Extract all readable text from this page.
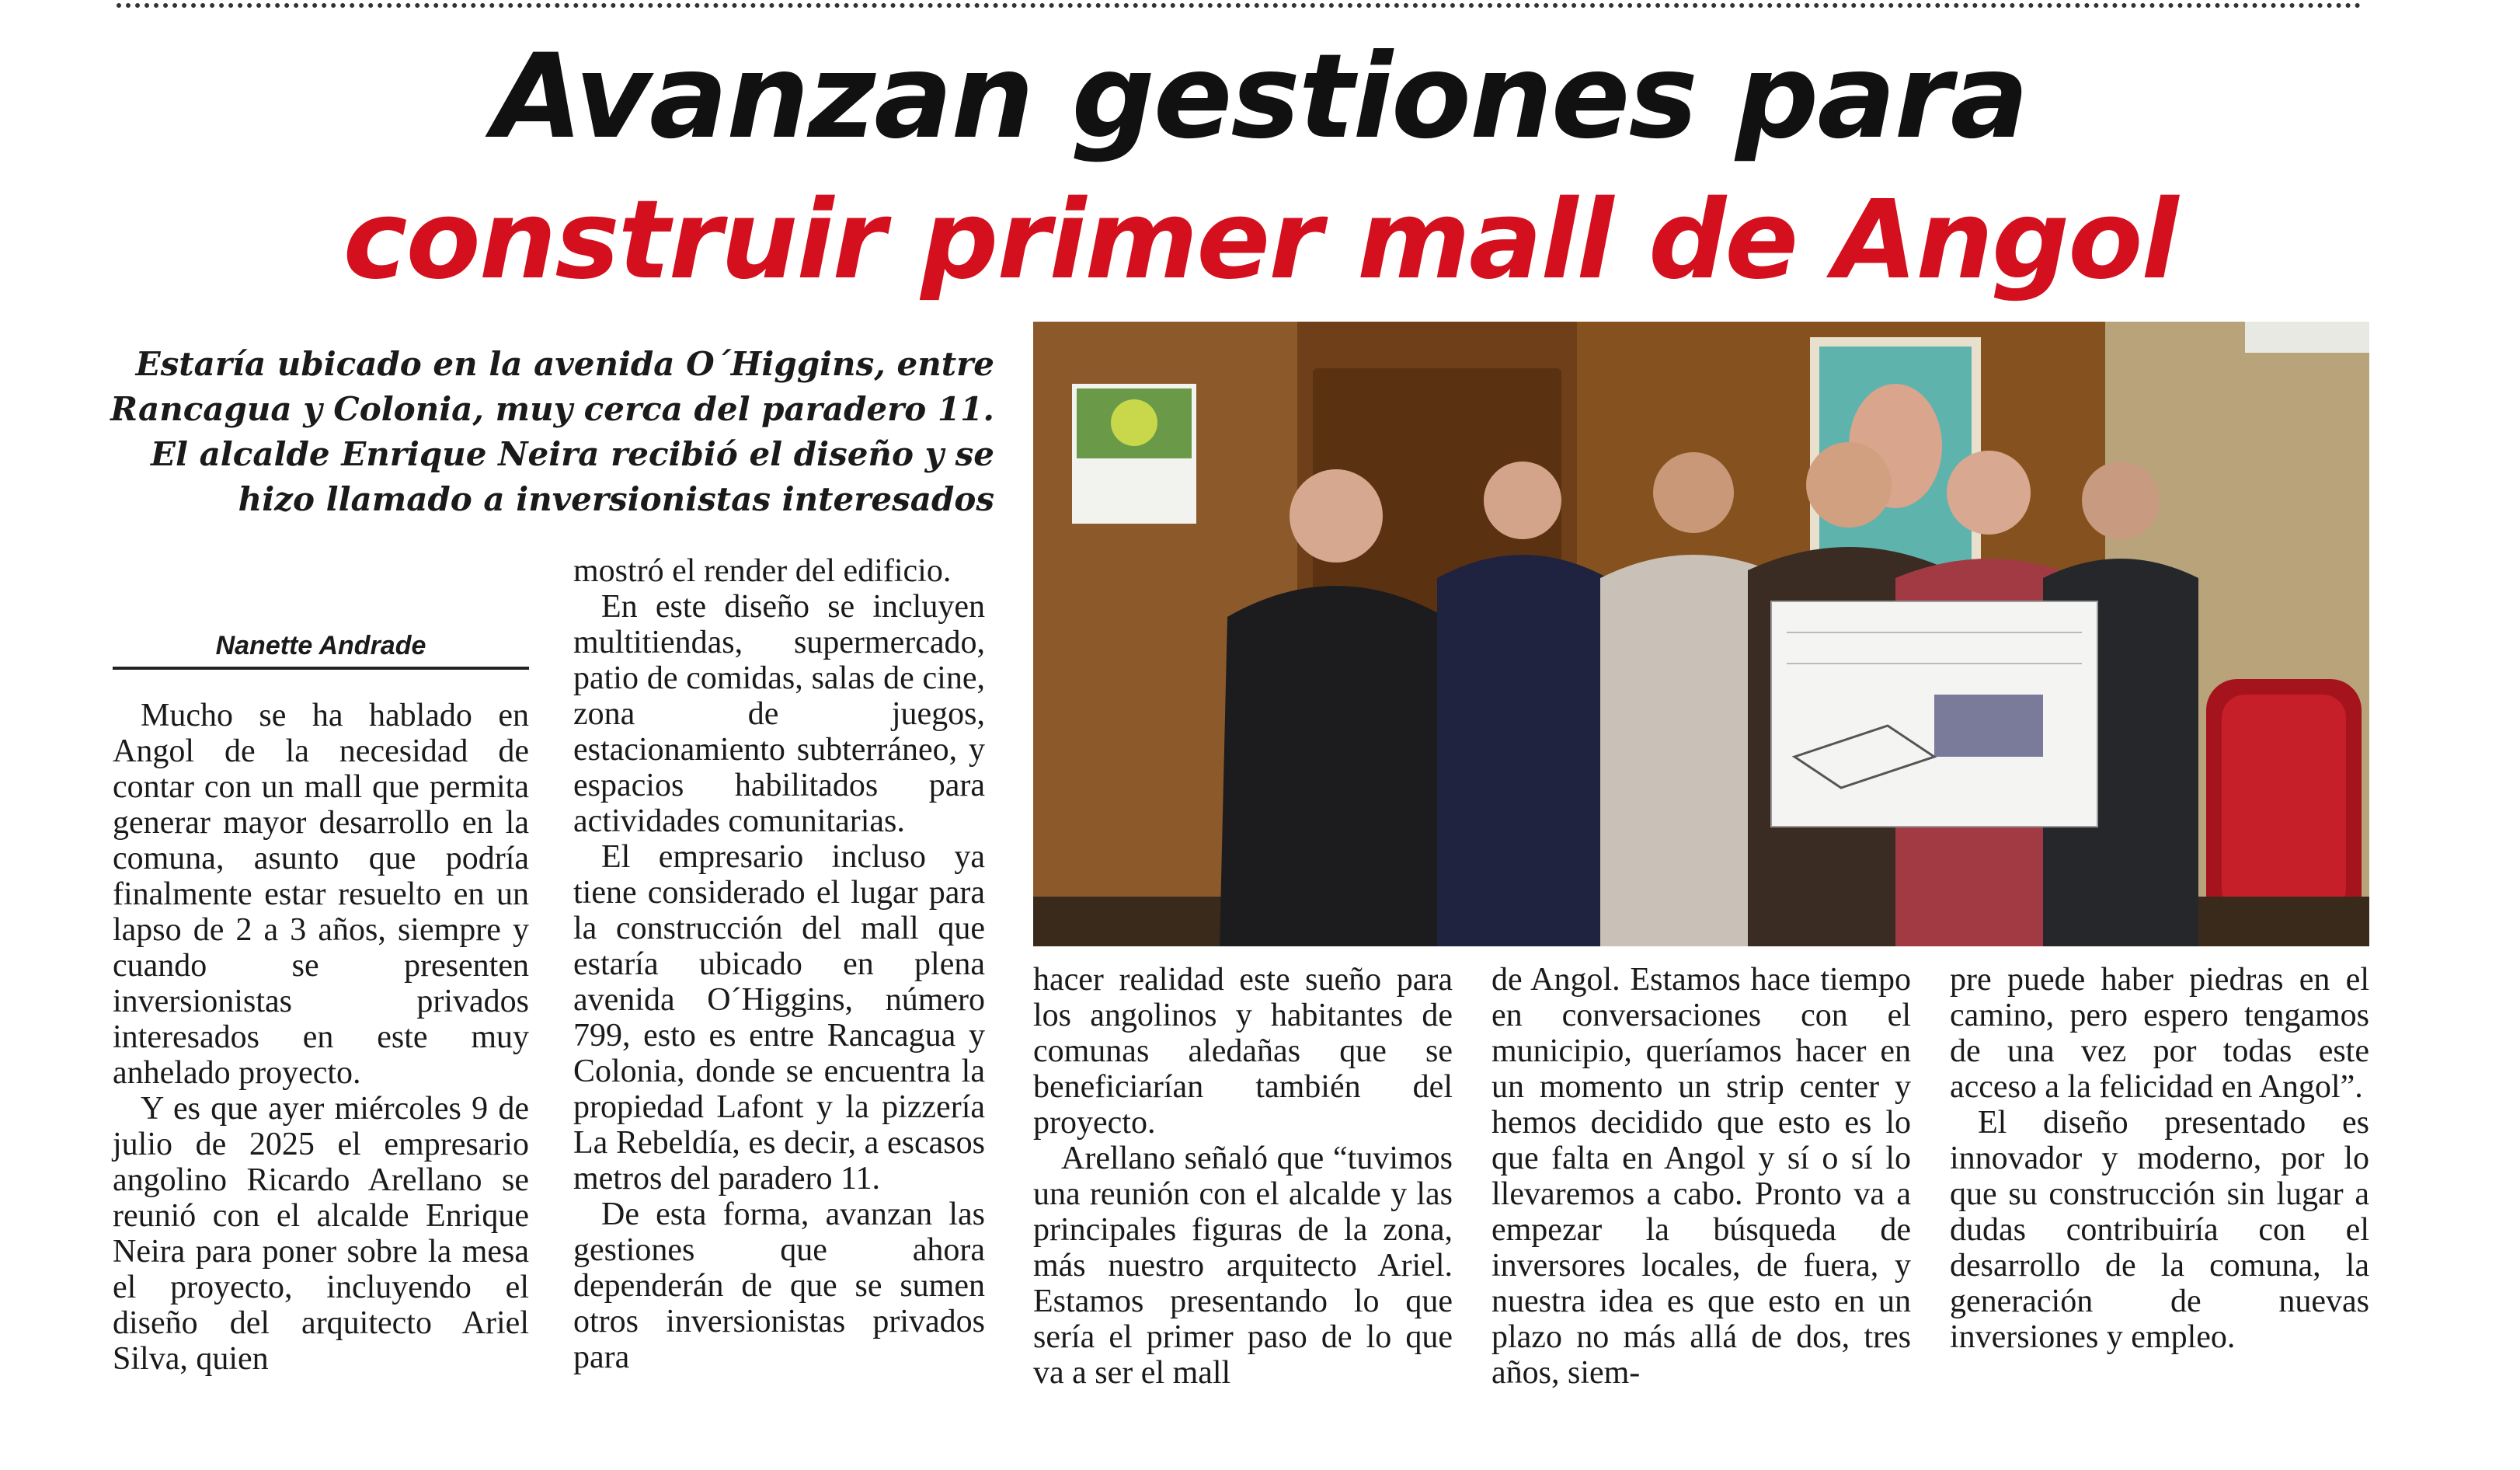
Avanzan gestiones para
construir primer mall de Angol
Estaría ubicado en la avenida O´Higgins, entre Rancagua y Colonia, muy cerca del paradero 11. El alcalde Enrique Neira recibió el diseño y se hizo llamado a inversionistas interesados
Nanette Andrade

Mucho se ha hablado en Angol de la necesidad de contar con un mall que permita generar mayor desarrollo en la comuna, asunto que podría finalmente estar resuelto en un lapso de 2 a 3 años, siempre y cuando se presenten inversionistas privados interesados en este muy anhelado proyecto.

Y es que ayer miércoles 9 de julio de 2025 el empresario angolino Ricardo Arellano se reunió con el alcalde Enrique Neira para poner sobre la mesa el proyecto, incluyendo el diseño del arquitecto Ariel Silva, quien

mostró el render del edificio.

En este diseño se incluyen multitiendas, supermercado, patio de comidas, salas de cine, zona de juegos, estacionamiento subterráneo, y espacios habilitados para actividades comunitarias.

El empresario incluso ya tiene considerado el lugar para la construcción del mall que estaría ubicado en plena avenida O´Higgins, número 799, esto es entre Rancagua y Colonia, donde se encuentra la propiedad Lafont y la pizzería La Rebeldía, es decir, a escasos metros del paradero 11.

De esta forma, avanzan las gestiones que ahora dependerán de que se sumen otros inversionistas privados para

hacer realidad este sueño para los angolinos y habitantes de comunas aledañas que se beneficiarían también del proyecto.

Arellano señaló que “tuvimos una reunión con el alcalde y las principales figuras de la zona, más nuestro arquitecto Ariel. Estamos presentando lo que sería el primer paso de lo que va a ser el mall

de Angol. Estamos hace tiempo en conversaciones con el municipio, queríamos hacer en un momento un strip center y hemos decidido que esto es lo que falta en Angol y sí o sí lo llevaremos a cabo. Pronto va a empezar la búsqueda de inversores locales, de fuera, y nuestra idea es que esto en un plazo no más allá de dos, tres años, siem-

pre puede haber piedras en el camino, pero espero tengamos de una vez por todas este acceso a la felicidad en Angol”.

El diseño presentado es innovador y moderno, por lo que su construcción sin lugar a dudas contribuiría con el desarrollo de la comuna, la generación de nuevas inversiones y empleo.
